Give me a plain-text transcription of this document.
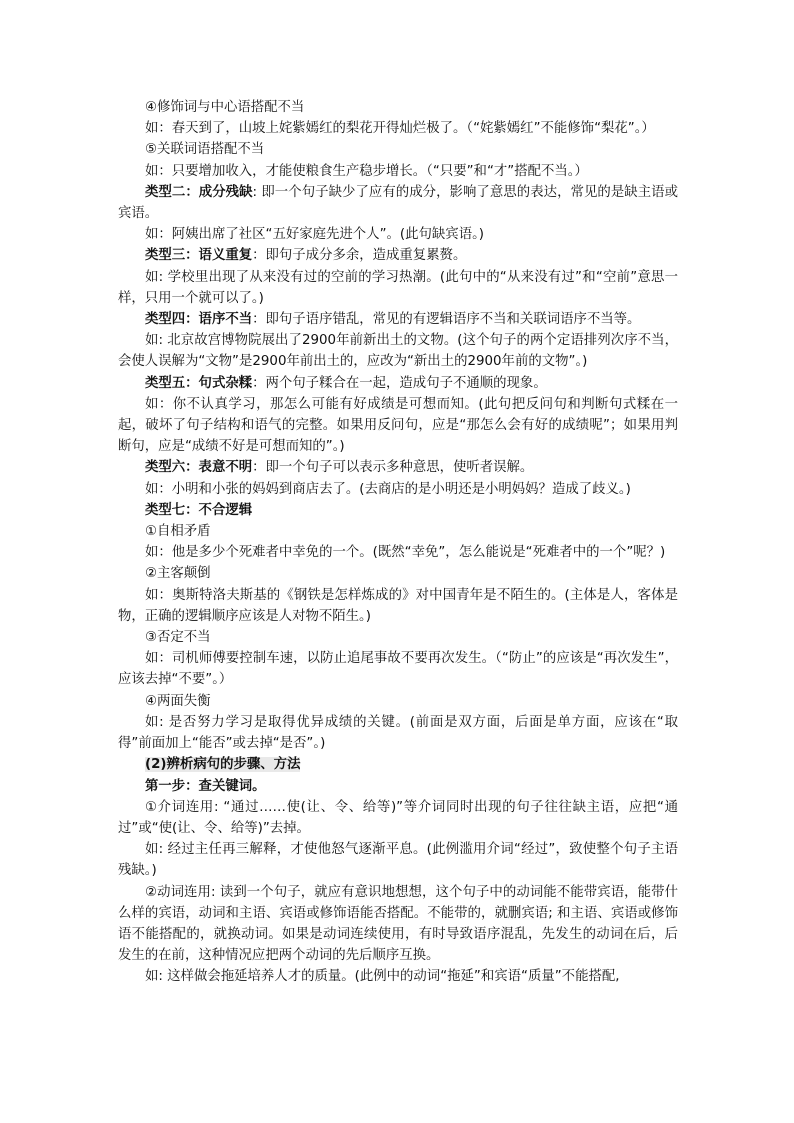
④修饰词与中心语搭配不当

如：春天到了，山坡上姹紫嫣红的梨花开得灿烂极了。（“姹紫嫣红”不能修饰“梨花”。）

⑤关联词语搭配不当

如：只要增加收入，才能使粮食生产稳步增长。（“只要”和“才”搭配不当。）

类型二：成分残缺: 即一个句子缺少了应有的成分，影响了意思的表达，常见的是缺主语或宾语。

如：阿姨出席了社区“五好家庭先进个人”。(此句缺宾语。)

类型三：语义重复：即句子成分多余，造成重复累赘。

如: 学校里出现了从来没有过的空前的学习热潮。(此句中的“从来没有过”和“空前”意思一样，只用一个就可以了。)

类型四：语序不当：即句子语序错乱，常见的有逻辑语序不当和关联词语序不当等。

如: 北京故宫博物院展出了2900年前新出土的文物。(这个句子的两个定语排列次序不当，会使人误解为“文物”是2900年前出土的，应改为“新出土的2900年前的文物”。)

类型五：句式杂糅：两个句子糅合在一起，造成句子不通顺的现象。

如：你不认真学习，那怎么可能有好成绩是可想而知。(此句把反问句和判断句式糅在一起，破坏了句子结构和语气的完整。如果用反问句，应是“那怎么会有好的成绩呢”；如果用判断句，应是“成绩不好是可想而知的”。)

类型六：表意不明：即一个句子可以表示多种意思，使听者误解。

如：小明和小张的妈妈到商店去了。(去商店的是小明还是小明妈妈？造成了歧义。)

类型七：不合逻辑

①自相矛盾

如：他是多少个死难者中幸免的一个。(既然“幸免”，怎么能说是“死难者中的一个”呢？)

②主客颠倒

如：奥斯特洛夫斯基的《钢铁是怎样炼成的》对中国青年是不陌生的。(主体是人，客体是物，正确的逻辑顺序应该是人对物不陌生。)

③否定不当

如：司机师傅要控制车速，以防止追尾事故不要再次发生。（“防止”的应该是“再次发生”，应该去掉“不要”。）

④两面失衡

如: 是否努力学习是取得优异成绩的关键。(前面是双方面，后面是单方面，应该在“取得”前面加上“能否”或去掉“是否”。)

(2)辨析病句的步骤、方法

第一步：查关键词。

①介词连用: “通过……使(让、令、给等)”等介词同时出现的句子往往缺主语，应把“通过”或“使(让、令、给等)”去掉。

如: 经过主任再三解释，才使他怒气逐渐平息。(此例滥用介词“经过”，致使整个句子主语残缺。)

②动词连用: 读到一个句子，就应有意识地想想，这个句子中的动词能不能带宾语，能带什么样的宾语，动词和主语、宾语或修饰语能否搭配。不能带的，就删宾语; 和主语、宾语或修饰语不能搭配的，就换动词。如果是动词连续使用，有时导致语序混乱，先发生的动词在后，后发生的在前，这种情况应把两个动词的先后顺序互换。

如: 这样做会拖延培养人才的质量。(此例中的动词“拖延”和宾语“质量”不能搭配,
